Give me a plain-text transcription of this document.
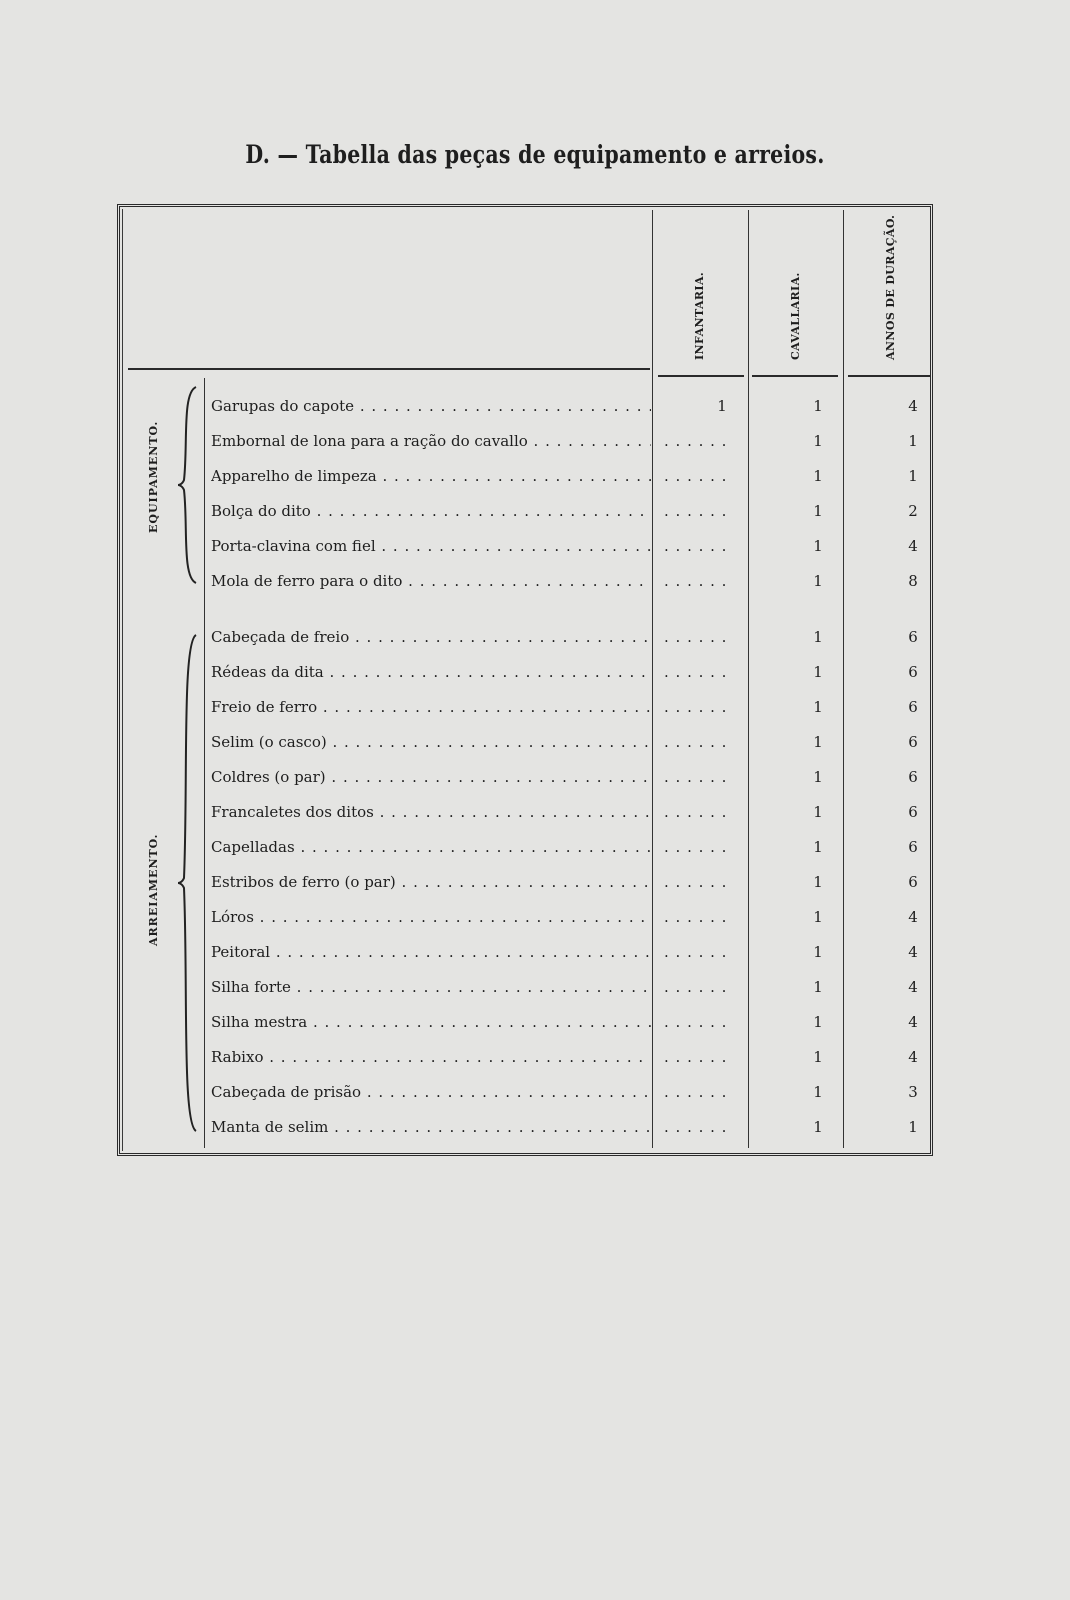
D. — Tabella das peças de equipamento e arreios.
INFANTARIA.	CAVALLARIA.	ANNOS DE DURAÇÃO.
EQUIPAMENTO.
ARREIAMENTO.
Garupas do capote . . .	1	1	4
Embornal de lona para a ração do cavallo . . .	. . . . . .	1	1
Apparelho de limpeza . . .	. . . . . .	1	1
Bolça do dito . . .	. . . . . .	1	2
Porta-clavina com fiel . . .	. . . . . .	1	4
Mola de ferro para o dito . . .	. . . . . .	1	8
Cabeçada de freio . . .	. . . . . .	1	6
Rédeas da dita . . .	. . . . . .	1	6
Freio de ferro . . .	. . . . . .	1	6
Selim (o casco) . . .	. . . . . .	1	6
Coldres (o par) . . .	. . . . . .	1	6
Francaletes dos ditos . . .	. . . . . .	1	6
Capelladas . . .	. . . . . .	1	6
Estribos de ferro (o par) . . .	. . . . . .	1	6
Lóros . . .	. . . . . .	1	4
Peitoral . . .	. . . . . .	1	4
Silha forte . . .	. . . . . .	1	4
Silha mestra . . .	. . . . . .	1	4
Rabixo . . .	. . . . . .	1	4
Cabeçada de prisão . . .	. . . . . .	1	3
Manta de selim . . .	. . . . . .	1	1
